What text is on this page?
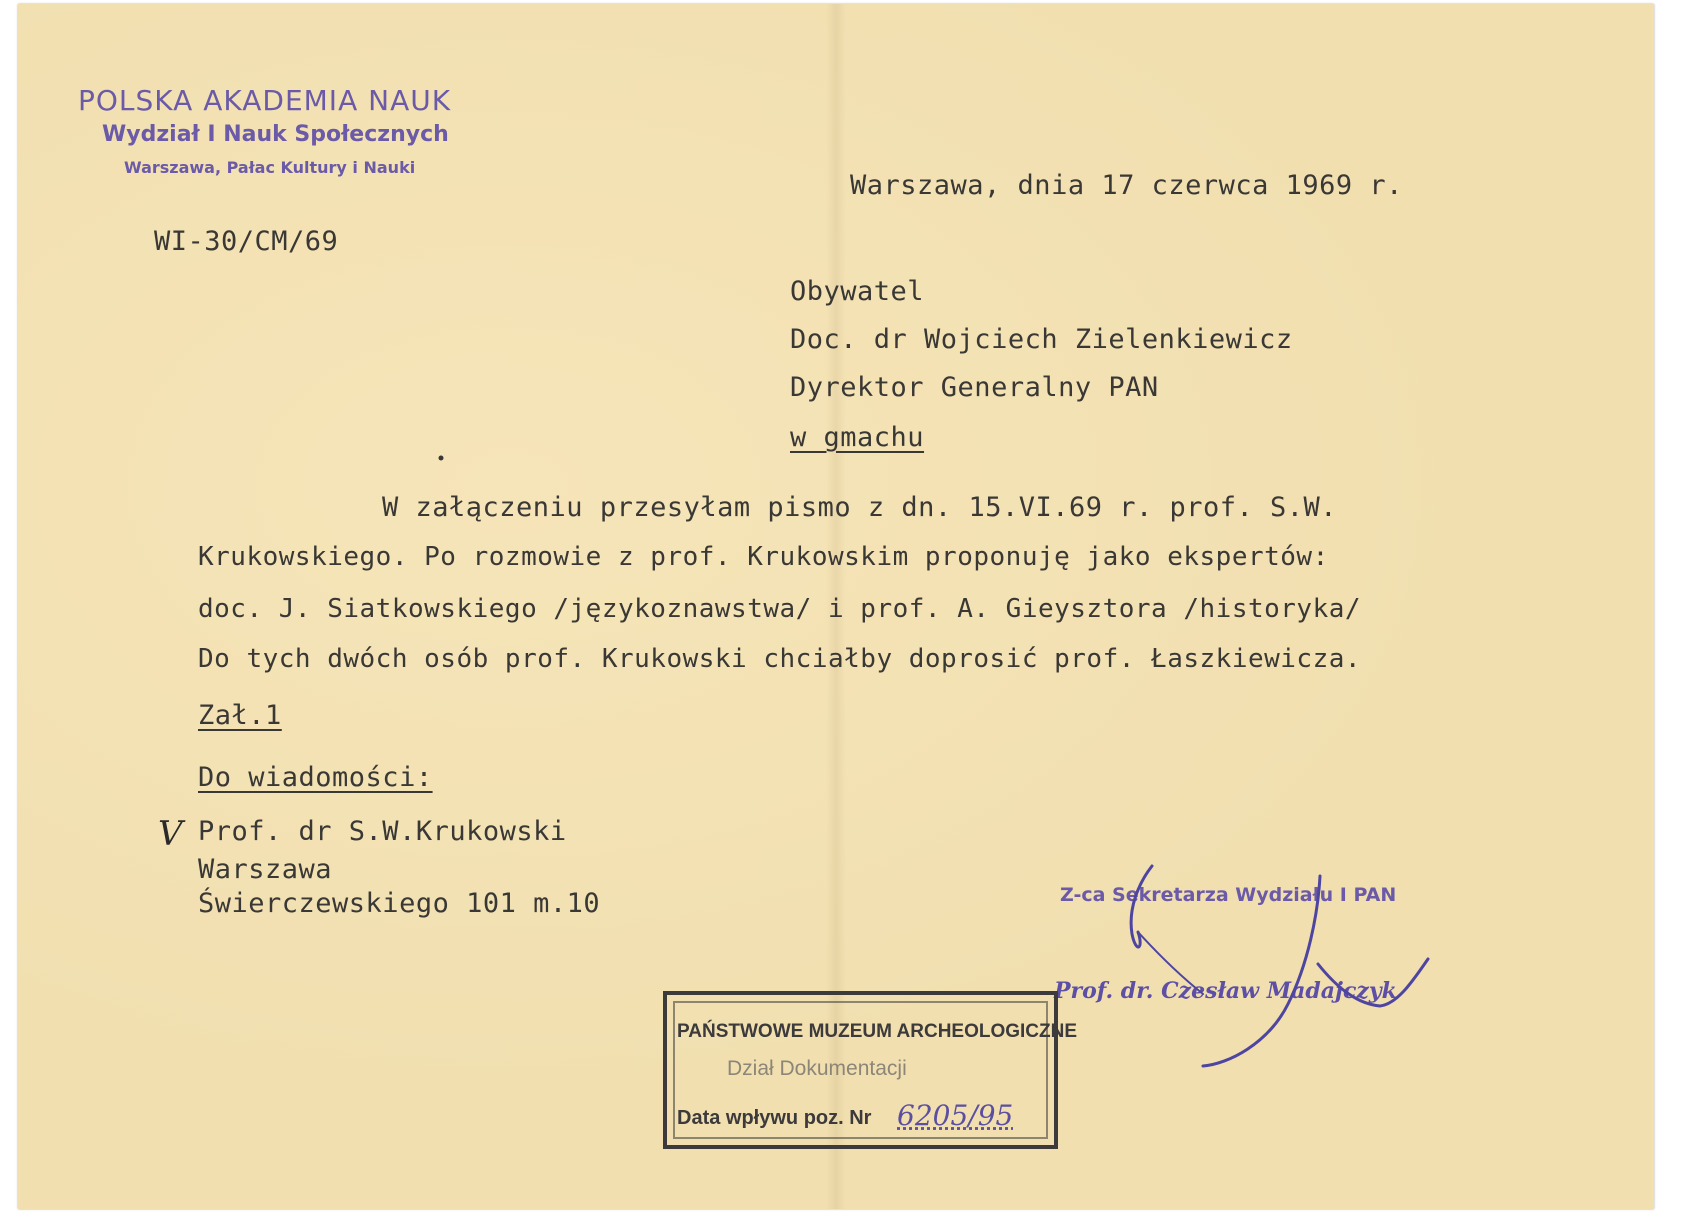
POLSKA AKADEMIA NAUK
Wydział I Nauk Społecznych
Warszawa, Pałac Kultury i Nauki
WI-30/CM/69
Warszawa, dnia 17 czerwca 1969 r.
Obywatel
Doc. dr Wojciech Zielenkiewicz
Dyrektor Generalny PAN
w gmachu
W załączeniu przesyłam pismo z dn. 15.VI.69 r. prof. S.W.
Krukowskiego. Po rozmowie z prof. Krukowskim proponuję jako ekspertów:
doc. J. Siatkowskiego /językoznawstwa/ i prof. A. Gieysztora /historyka/
Do tych dwóch osób prof. Krukowski chciałby doprosić prof. Łaszkiewicza.
Zał.1
Do wiadomości:
V Prof. dr S.W.Krukowski
Warszawa
Świerczewskiego 101 m.10	Z-ca Sekretarza Wydziału I PAN
Prof. dr. Czesław Madajczyk
PAŃSTWOWE MUZEUM ARCHEOLOGICZNE
Dział Dokumentacji
Data wpływu poz. Nr 6205/95
